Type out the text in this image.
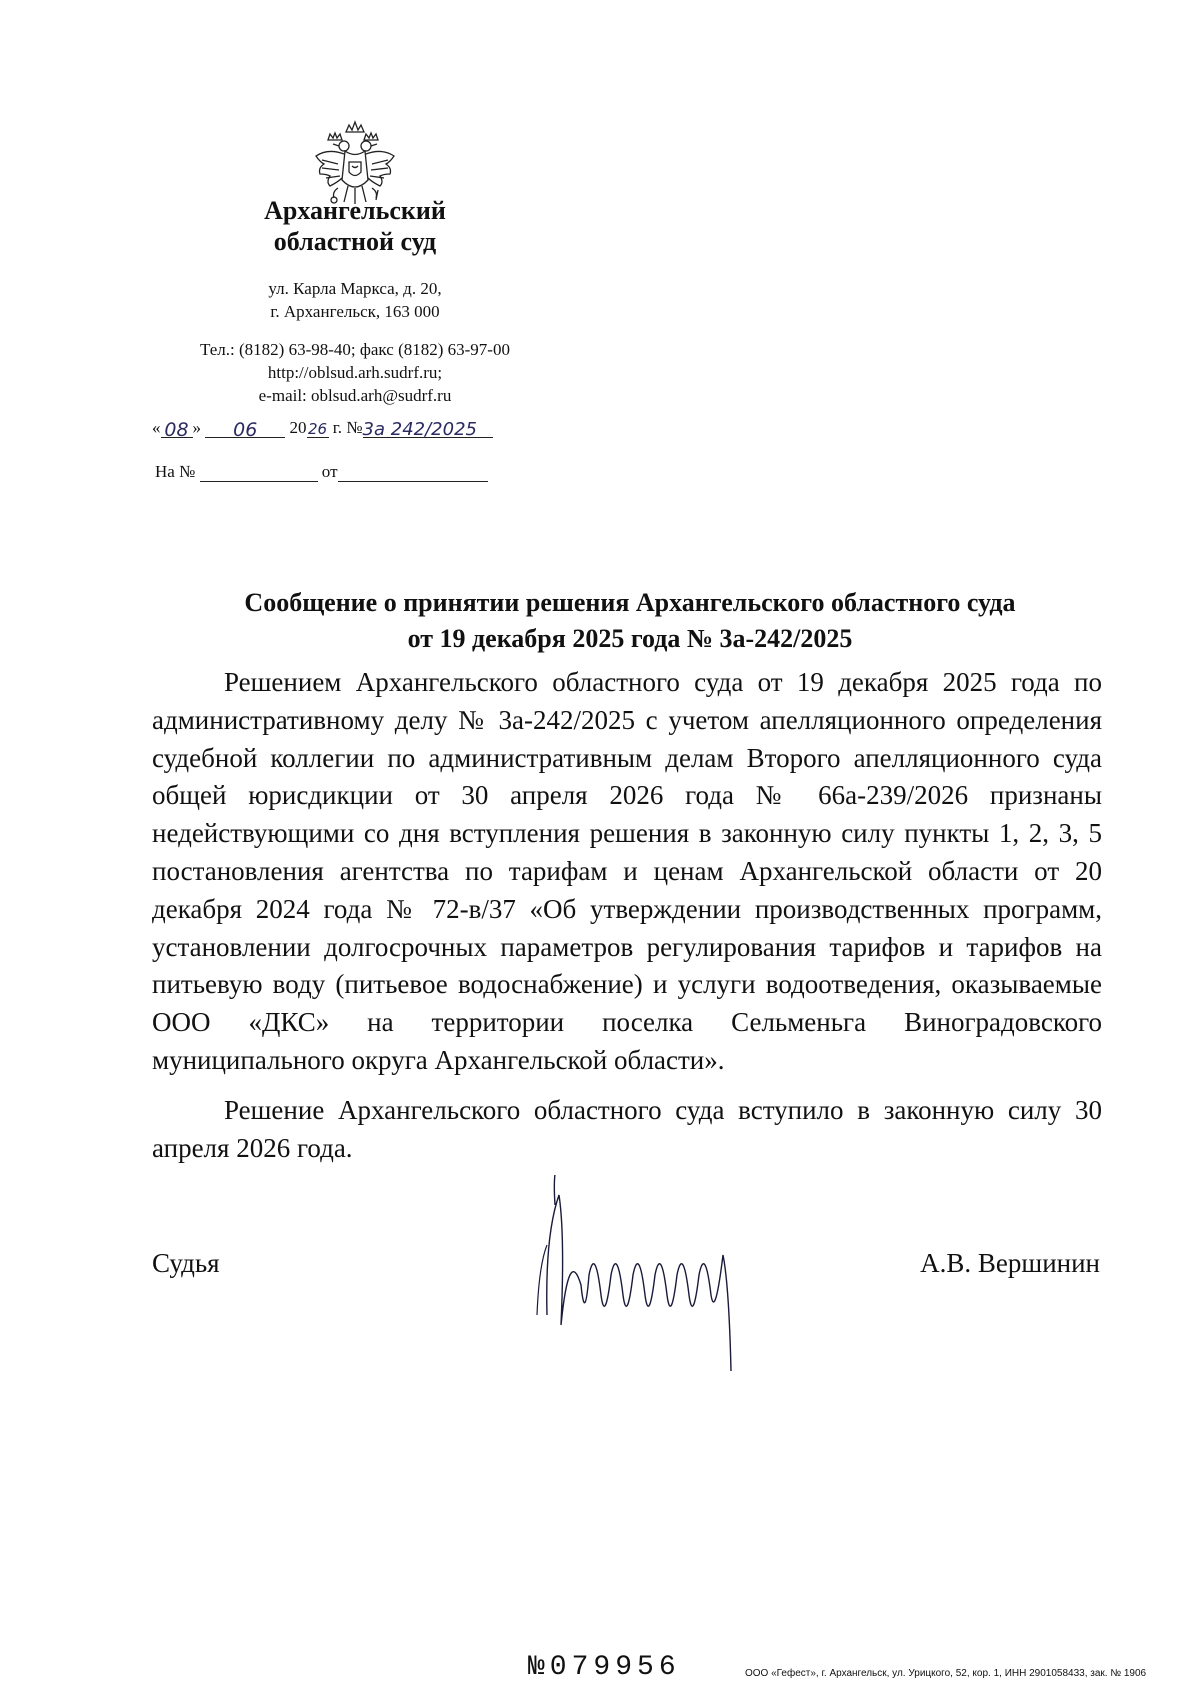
Архангельский
областной суд
ул. Карла Маркса, д. 20,
г. Архангельск, 163 000
Тел.: (8182) 63-98-40; факс (8182) 63-97-00
http://oblsud.arh.sudrf.ru;
e-mail: oblsud.arh@sudrf.ru
« 08 » 06 2026 г. №3а 242/2025
На №	от
Сообщение о принятии решения Архангельского областного суда
от 19 декабря 2025 года № 3а-242/2025

Решением Архангельского областного суда от 19 декабря 2025 года по административному делу № 3а-242/2025 с учетом апелляционного определения судебной коллегии по административным делам Второго апелляционного суда общей юрисдикции от 30 апреля 2026 года № 66а-239/2026 признаны недействующими со дня вступления решения в законную силу пункты 1, 2, 3, 5 постановления агентства по тарифам и ценам Архангельской области от 20 декабря 2024 года № 72-в/37 «Об утверждении производственных программ, установлении долгосрочных параметров регулирования тарифов и тарифов на питьевую воду (питьевое водоснабжение) и услуги водоотведения, оказываемые ООО «ДКС» на территории поселка Сельменьга Виноградовского муниципального округа Архангельской области».

Решение Архангельского областного суда вступило в законную силу 30 апреля 2026 года.

Судья	А.В. Вершинин
№079956	ООО «Гефест», г. Архангельск, ул. Урицкого, 52, кор. 1, ИНН 2901058433, зак. № 1906
